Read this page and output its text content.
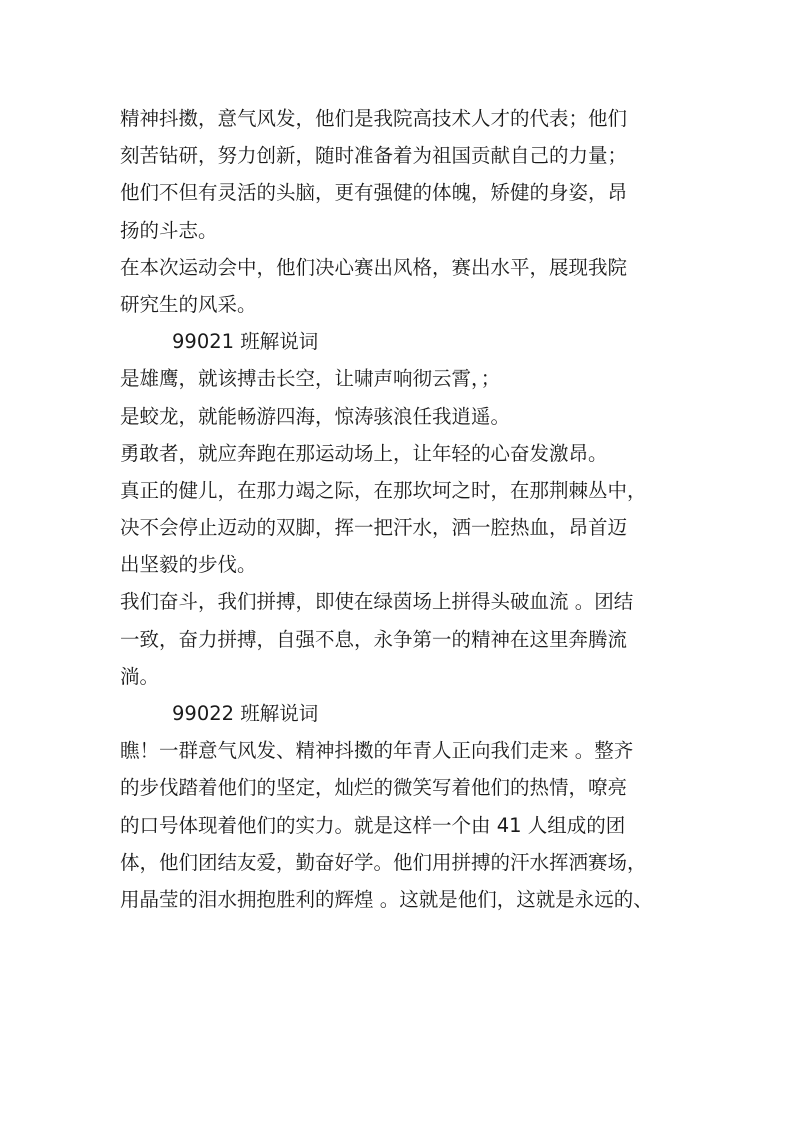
精神抖擞，意气风发，他们是我院高技术人才的代表；他们

刻苦钻研，努力创新，随时准备着为祖国贡献自己的力量；

他们不但有灵活的头脑，更有强健的体魄，矫健的身姿，昂

扬的斗志。

在本次运动会中，他们决心赛出风格，赛出水平，展现我院

研究生的风采。

99021 班解说词

是雄鹰，就该搏击长空，让啸声响彻云霄，；

是蛟龙，就能畅游四海，惊涛骇浪任我逍遥。

勇敢者，就应奔跑在那运动场上，让年轻的心奋发激昂。

真正的健儿，在那力竭之际，在那坎坷之时，在那荆棘丛中，

决不会停止迈动的双脚，挥一把汗水，洒一腔热血，昂首迈

出坚毅的步伐。

我们奋斗，我们拼搏，即使在绿茵场上拼得头破血流 。团结

一致，奋力拼搏，自强不息，永争第一的精神在这里奔腾流

淌。

99022 班解说词

瞧！一群意气风发、精神抖擞的年青人正向我们走来 。整齐

的步伐踏着他们的坚定，灿烂的微笑写着他们的热情，嘹亮

的口号体现着他们的实力。就是这样一个由 41 人组成的团

体，他们团结友爱，勤奋好学。他们用拼搏的汗水挥洒赛场，

用晶莹的泪水拥抱胜利的辉煌 。这就是他们，这就是永远的、
